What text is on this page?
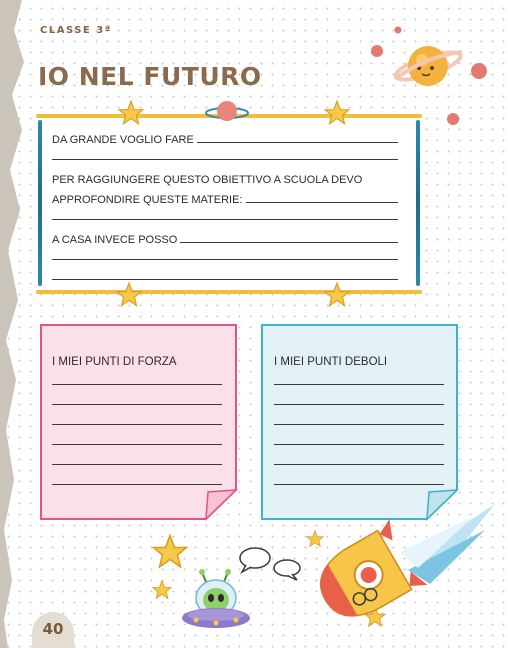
CLASSE 3ª
IO NEL FUTURO
DA GRANDE VOGLIO FARE
PER RAGGIUNGERE QUESTO OBIETTIVO A SCUOLA DEVO
APPROFONDIRE QUESTE MATERIE:
A CASA INVECE POSSO
I MIEI PUNTI DI FORZA	I MIEI PUNTI DEBOLI
40
